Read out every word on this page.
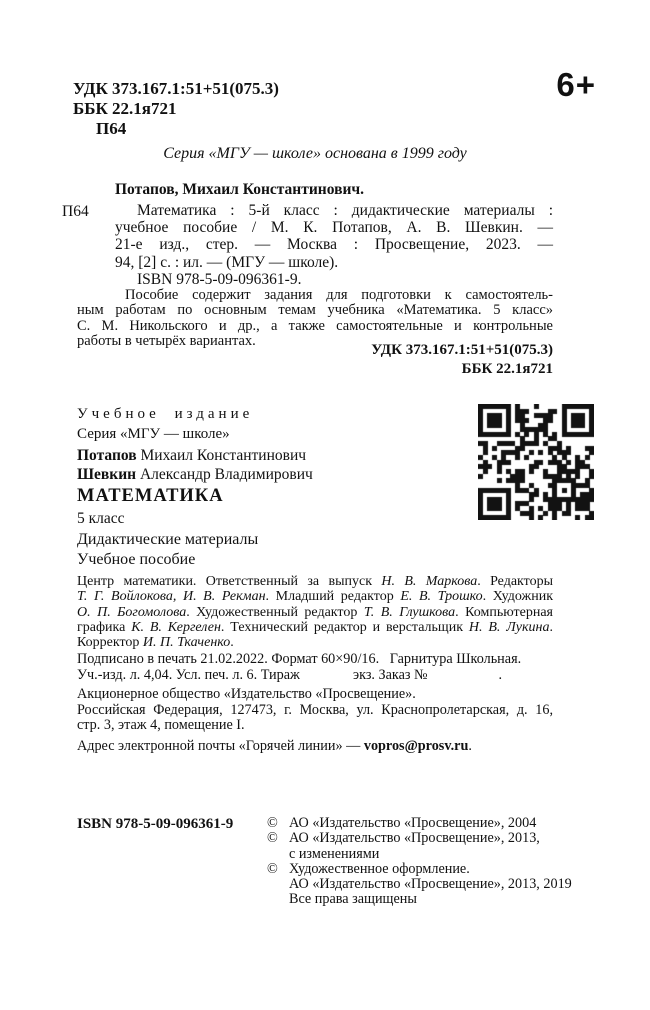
УДК 373.167.1:51+51(075.3)
ББК 22.1я721
П64
6+
Серия «МГУ — школе» основана в 1999 году
Потапов, Михаил Константинович.
П64	Математика : 5-й класс : дидактические материалы :
учебное пособие / М. К. Потапов, А. В. Шевкин. —
21-е изд., стер. — Москва : Просвещение, 2023. —
94, [2] с. : ил. — (МГУ — школе).
ISBN 978-5-09-096361-9.
Пособие содержит задания для подготовки к самостоятель-
ным работам по основным темам учебника «Математика. 5 класс»
С. М. Никольского и др., а также самостоятельные и контрольные
работы в четырёх вариантах.
УДК 373.167.1:51+51(075.3)
ББК 22.1я721
Учебное издание
Серия «МГУ — школе»
Потапов Михаил Константинович
Шевкин Александр Владимирович
МАТЕМАТИКА
5 класс
Дидактические материалы
Учебное пособие
Центр математики. Ответственный за выпуск Н. В. Маркова. Редакторы
Т. Г. Войлокова, И. В. Рекман. Младший редактор Е. В. Трошко. Художник
О. П. Богомолова. Художественный редактор Т. В. Глушкова. Компьютерная
графика К. В. Кергелен. Технический редактор и верстальщик Н. В. Лукина.
Корректор И. П. Ткаченко.
Подписано в печать 21.02.2022. Формат 60×90/16.   Гарнитура Школьная.
Уч.-изд. л. 4,04. Усл. печ. л. 6. Тираж               экз. Заказ №                    .
Акционерное общество «Издательство «Просвещение».
Российская Федерация, 127473, г. Москва, ул. Краснопролетарская, д. 16,
стр. 3, этаж 4, помещение I.
Адрес электронной почты «Горячей линии» — vopros@prosv.ru.
ISBN 978-5-09-096361-9 © АО «Издательство «Просвещение», 2004
© АО «Издательство «Просвещение», 2013,
с изменениями
© Художественное оформление.
АО «Издательство «Просвещение», 2013, 2019
Все права защищены
